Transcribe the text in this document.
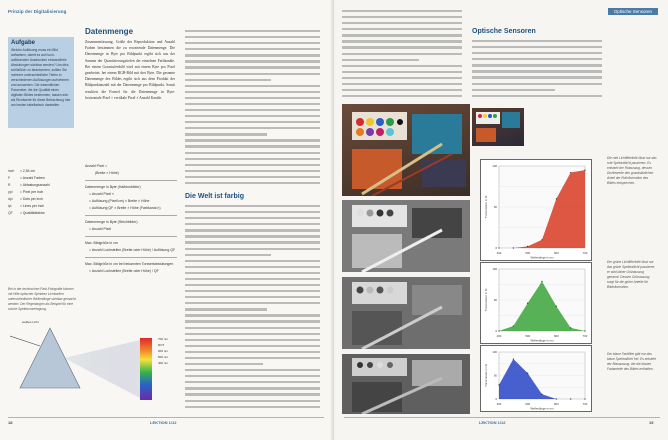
Prinzip der Digitalisierung
Aufgabe

Welche Auflösung muss ein Bild aufweisen, damit es auf hoch-auflösenden Ausdrucken einwandfreie Abstufungen sichtbar werden? Um dies schließlich zu beantworten, sollten Sie mehrere unterschiedliche Tiefen in verschiedenen Auflösungen aufnehmen und auswerten. Die wesentlichen Parameter, die die Qualität eines digitalen Bildes bestimmen, lassen sich als Richtwerte für diese Betrachtung hier am besten tabellarisch darstellen.

Datenmenge
Zusammenfassung. Größe der Reproduktion und Anzahl Farben bestimmen die zu erwartende Datenmenge. Die Datenmenge in Byte pro Bildpunkt ergibt sich aus der Summe der Quantisierungstiefen der einzelnen Farbkanäle. Bei einem Graustufenbild wird mit einem Byte pro Pixel gearbeitet, bei einem RGB-Bild mit drei Byte. Die gesamte Datenmenge des Bildes ergibt sich aus dem Produkt der Bildpunktanzahl mit der Datenmenge pro Bildpunkt. Somit resultiert die Formel für die Datenmenge in Byte: horizontale Pixel × vertikale Pixel × Anzahl Kanäle.
inch	= 2,54 cm
F	= Anzahl Farben
R	= Abtastungsanzahl
ppi	= Pixel per inch
dpi	= Dots per inch
lpi	= Lines per inch
QF	= Qualitätsfaktor
Anzahl Pixel =
(Breite × Höhe)
Datenmenge in Byte (Halbtonbilder)
= Anzahl Pixel ×
= Auflösung (Pixel/cm) × Breite × Höhe
= Auflösung QF × Breite × Höhe (Farbkanal n)
Datenmenge in Byte (Strichbilder)
= Anzahl Pixel
Max. Bildgröße in cm
= Anzahl Lochstellen (Breite oder Höhe) / Auflösung QF
Max. Bildgröße in cm bei bekannten Tonwertabstufungen
= Anzahl Lochstellen (Breite oder Höhe) / QF
Bei in der technischen Farb-Fotografie können mit Hilfe optischer Spektren Lichtwellen unterschiedlicher Wellenlänge sichtbar gemacht werden. Der Regenbogen als Beispiel für eine solche Spektrumzerlegung.
weißes Licht
700 nm
ROT
600 nm
500 nm
400 nm
18	LEKTION 1/12
Die Welt ist farbig
Optische Sensoren
Optische Sensoren
400	500	600	700
0
50
100
Wellenlänge in nm
Transmission in %
400	500	600	700
0
50
100
Wellenlänge in nm
Transmission in %
400	500	600	700
0
50
100
Wellenlänge in nm
Transmission in %
Die rote Lichtfilterfolie lässt nur das rote Spektrallicht passieren. Es entsteht der Rotauszug, dessen Dichtewerte den grundsätzlichen Anteil der Rotinformation des Bildes entsprechen.
Der grüne Lichtfilterfolie lässt nur das grüne Spektrallicht passieren; er wird daher Grünauszug genannt. Dessen Grünauszug sorgt für die grüne Anteile für Bildinformation.
Der blaue Farbfilter gibt nur das blaue Spektrallicht frei. Es entsteht der Blauauszug, der die blauen Farbanteile des Bildes enthalten.
LEKTION 1/12	19
